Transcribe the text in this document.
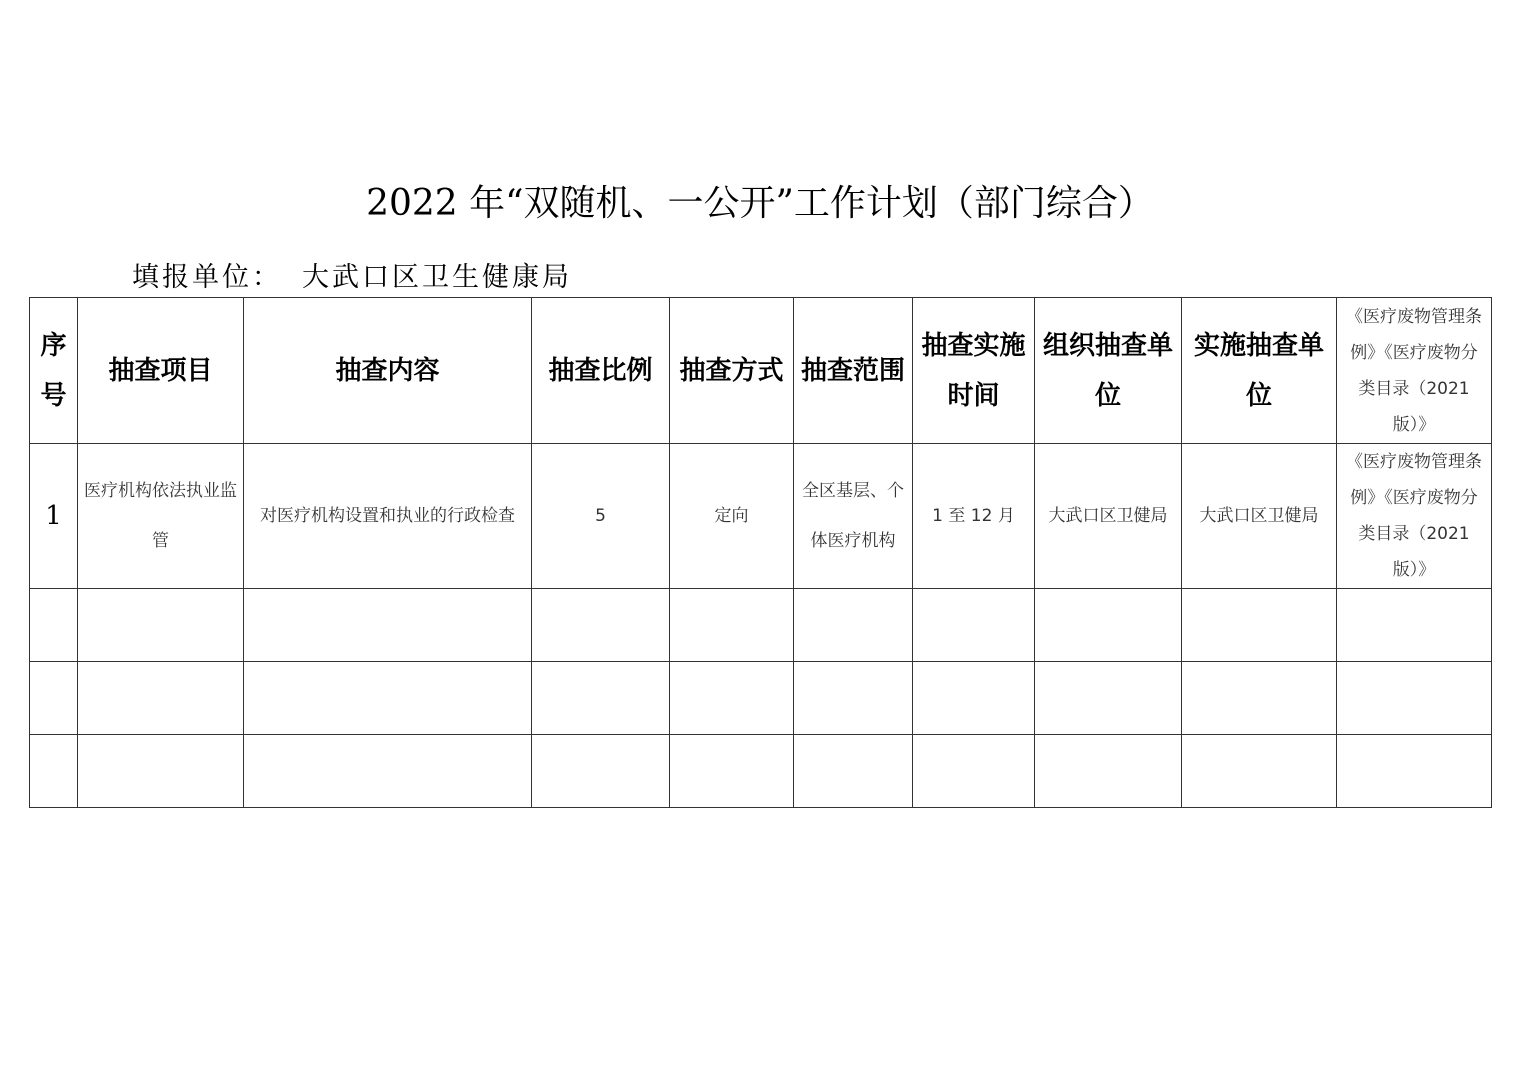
2022 年“双随机、一公开”工作计划（部门综合）
填报单位： 大武口区卫生健康局
序号	抽查项目	抽查内容	抽查比例	抽查方式	抽查范围	抽查实施时间	组织抽查单位	实施抽查单位	《医疗废物管理条例》《医疗废物分类目录（2021版）》
1	医疗机构依法执业监管	对医疗机构设置和执业的行政检查	5	定向	全区基层、个体医疗机构	1 至 12 月	大武口区卫健局	大武口区卫健局	《医疗废物管理条例》《医疗废物分类目录（2021版）》
